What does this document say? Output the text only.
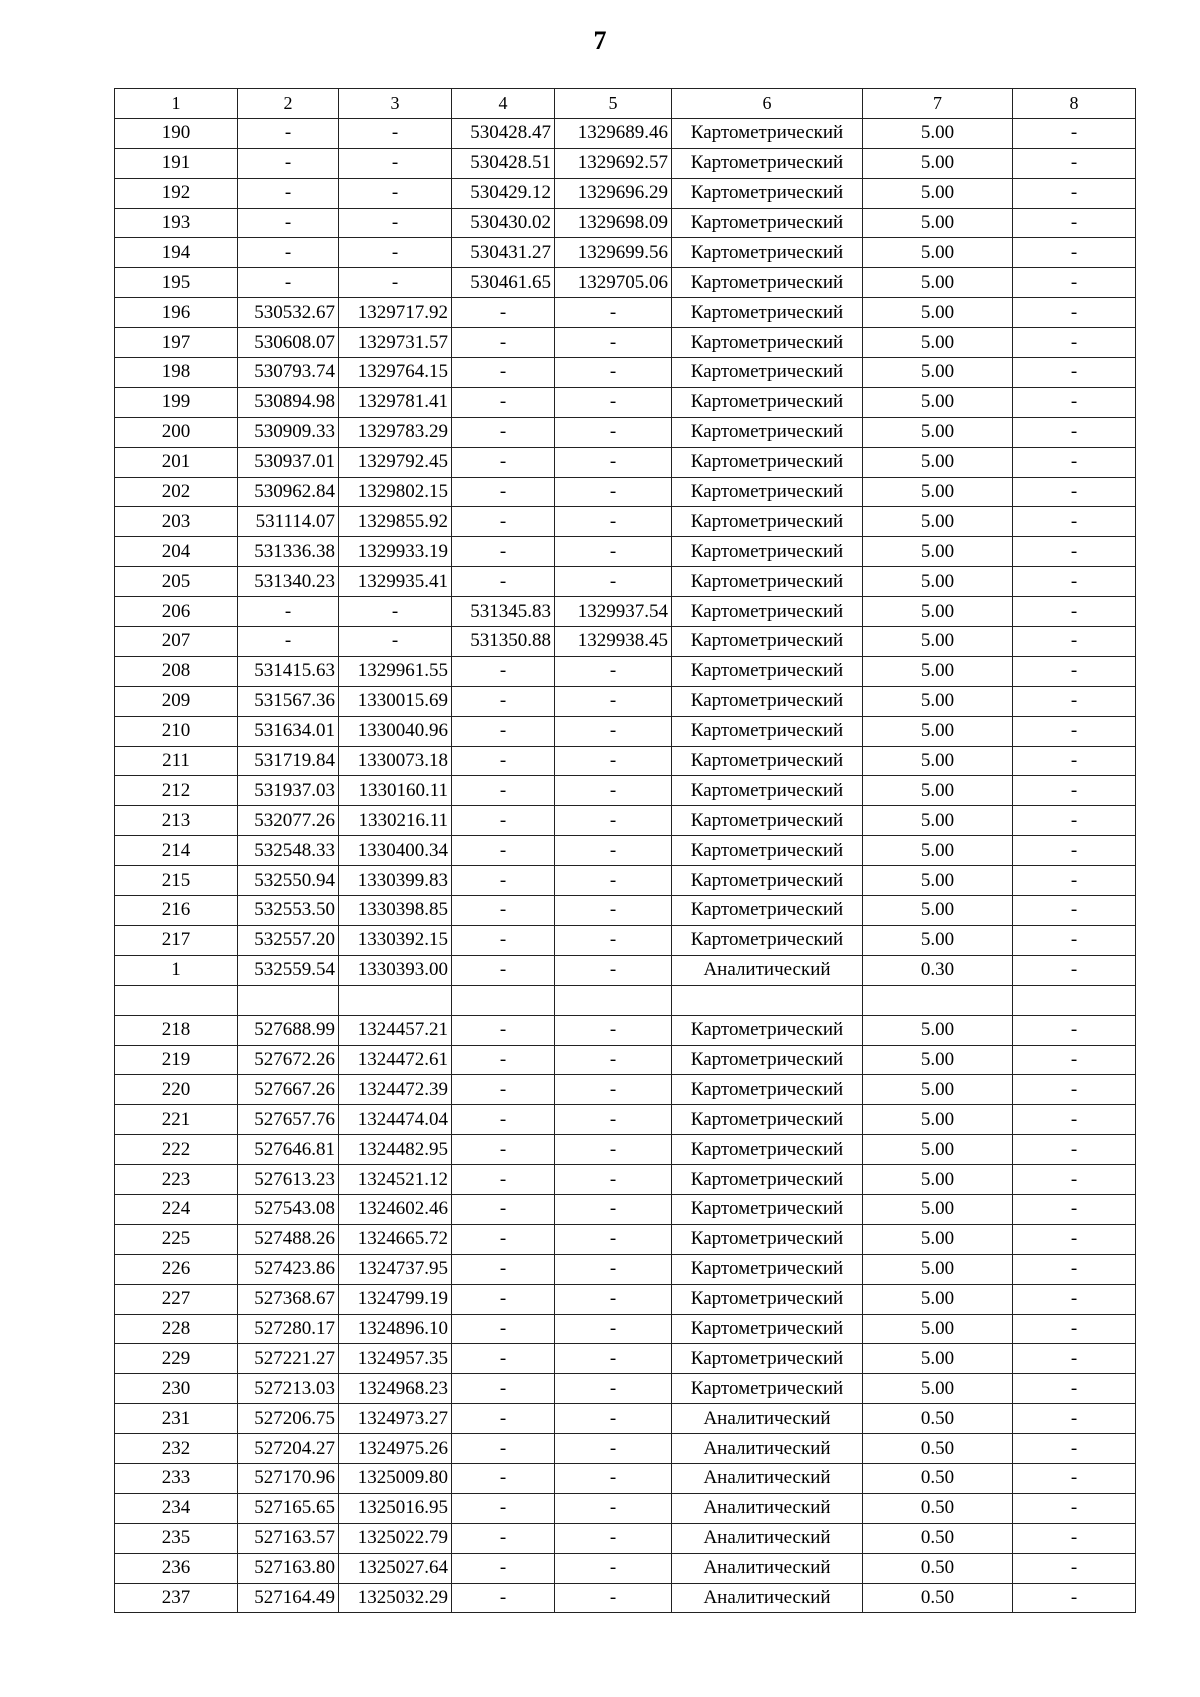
7
1	2	3	4	5	6	7	8
190	-	-	530428.47	1329689.46	Картометрический	5.00	-
191	-	-	530428.51	1329692.57	Картометрический	5.00	-
192	-	-	530429.12	1329696.29	Картометрический	5.00	-
193	-	-	530430.02	1329698.09	Картометрический	5.00	-
194	-	-	530431.27	1329699.56	Картометрический	5.00	-
195	-	-	530461.65	1329705.06	Картометрический	5.00	-
196	530532.67	1329717.92	-	-	Картометрический	5.00	-
197	530608.07	1329731.57	-	-	Картометрический	5.00	-
198	530793.74	1329764.15	-	-	Картометрический	5.00	-
199	530894.98	1329781.41	-	-	Картометрический	5.00	-
200	530909.33	1329783.29	-	-	Картометрический	5.00	-
201	530937.01	1329792.45	-	-	Картометрический	5.00	-
202	530962.84	1329802.15	-	-	Картометрический	5.00	-
203	531114.07	1329855.92	-	-	Картометрический	5.00	-
204	531336.38	1329933.19	-	-	Картометрический	5.00	-
205	531340.23	1329935.41	-	-	Картометрический	5.00	-
206	-	-	531345.83	1329937.54	Картометрический	5.00	-
207	-	-	531350.88	1329938.45	Картометрический	5.00	-
208	531415.63	1329961.55	-	-	Картометрический	5.00	-
209	531567.36	1330015.69	-	-	Картометрический	5.00	-
210	531634.01	1330040.96	-	-	Картометрический	5.00	-
211	531719.84	1330073.18	-	-	Картометрический	5.00	-
212	531937.03	1330160.11	-	-	Картометрический	5.00	-
213	532077.26	1330216.11	-	-	Картометрический	5.00	-
214	532548.33	1330400.34	-	-	Картометрический	5.00	-
215	532550.94	1330399.83	-	-	Картометрический	5.00	-
216	532553.50	1330398.85	-	-	Картометрический	5.00	-
217	532557.20	1330392.15	-	-	Картометрический	5.00	-
1	532559.54	1330393.00	-	-	Аналитический	0.30	-

218	527688.99	1324457.21	-	-	Картометрический	5.00	-
219	527672.26	1324472.61	-	-	Картометрический	5.00	-
220	527667.26	1324472.39	-	-	Картометрический	5.00	-
221	527657.76	1324474.04	-	-	Картометрический	5.00	-
222	527646.81	1324482.95	-	-	Картометрический	5.00	-
223	527613.23	1324521.12	-	-	Картометрический	5.00	-
224	527543.08	1324602.46	-	-	Картометрический	5.00	-
225	527488.26	1324665.72	-	-	Картометрический	5.00	-
226	527423.86	1324737.95	-	-	Картометрический	5.00	-
227	527368.67	1324799.19	-	-	Картометрический	5.00	-
228	527280.17	1324896.10	-	-	Картометрический	5.00	-
229	527221.27	1324957.35	-	-	Картометрический	5.00	-
230	527213.03	1324968.23	-	-	Картометрический	5.00	-
231	527206.75	1324973.27	-	-	Аналитический	0.50	-
232	527204.27	1324975.26	-	-	Аналитический	0.50	-
233	527170.96	1325009.80	-	-	Аналитический	0.50	-
234	527165.65	1325016.95	-	-	Аналитический	0.50	-
235	527163.57	1325022.79	-	-	Аналитический	0.50	-
236	527163.80	1325027.64	-	-	Аналитический	0.50	-
237	527164.49	1325032.29	-	-	Аналитический	0.50	-
